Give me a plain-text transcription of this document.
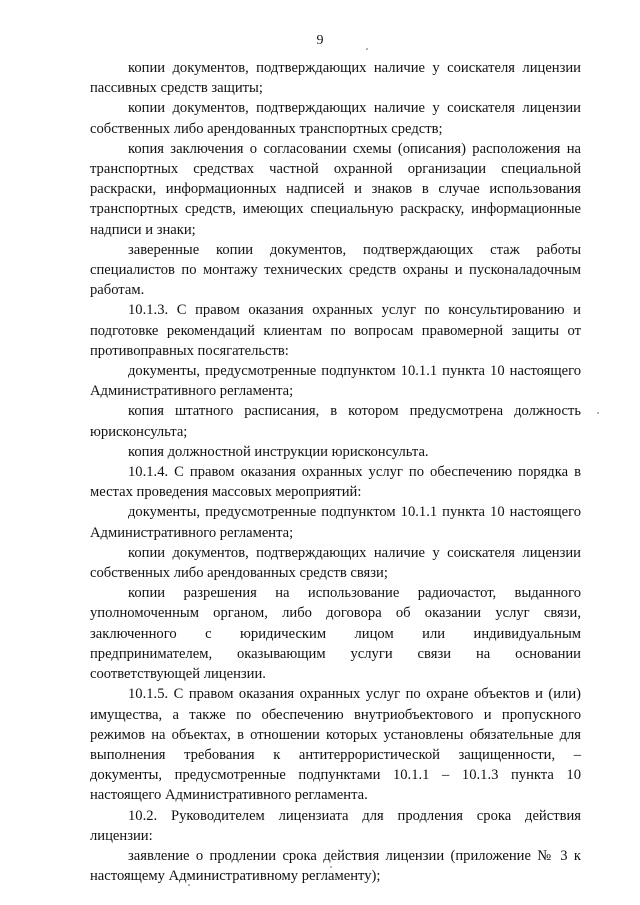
9

копии документов, подтверждающих наличие у соискателя лицензии пассивных средств защиты;

копии документов, подтверждающих наличие у соискателя лицензии собственных либо арендованных транспортных средств;

копия заключения о согласовании схемы (описания) расположения на транспортных средствах частной охранной организации специальной раскраски, информационных надписей и знаков в случае использования транспортных средств, имеющих специальную раскраску, информационные надписи и знаки;

заверенные копии документов, подтверждающих стаж работы специалистов по монтажу технических средств охраны и пусконаладочным работам.

10.1.3. С правом оказания охранных услуг по консультированию и подготовке рекомендаций клиентам по вопросам правомерной защиты от противоправных посягательств:

документы, предусмотренные подпунктом 10.1.1 пункта 10 настоящего Административного регламента;

копия штатного расписания, в котором предусмотрена должность юрисконсульта;

копия должностной инструкции юрисконсульта.

10.1.4. С правом оказания охранных услуг по обеспечению порядка в местах проведения массовых мероприятий:

документы, предусмотренные подпунктом 10.1.1 пункта 10 настоящего Административного регламента;

копии документов, подтверждающих наличие у соискателя лицензии собственных либо арендованных средств связи;

копии разрешения на использование радиочастот, выданного уполномоченным органом, либо договора об оказании услуг связи, заключенного с юридическим лицом или индивидуальным предпринимателем, оказывающим услуги связи на основании соответствующей лицензии.

10.1.5. С правом оказания охранных услуг по охране объектов и (или) имущества, а также по обеспечению внутриобъектового и пропускного режимов на объектах, в отношении которых установлены обязательные для выполнения требования к антитеррористической защищенности, – документы, предусмотренные подпунктами 10.1.1 – 10.1.3 пункта 10 настоящего Административного регламента.

10.2. Руководителем лицензиата для продления срока действия лицензии:

заявление о продлении срока действия лицензии (приложение № 3 к настоящему Административному регламенту);
